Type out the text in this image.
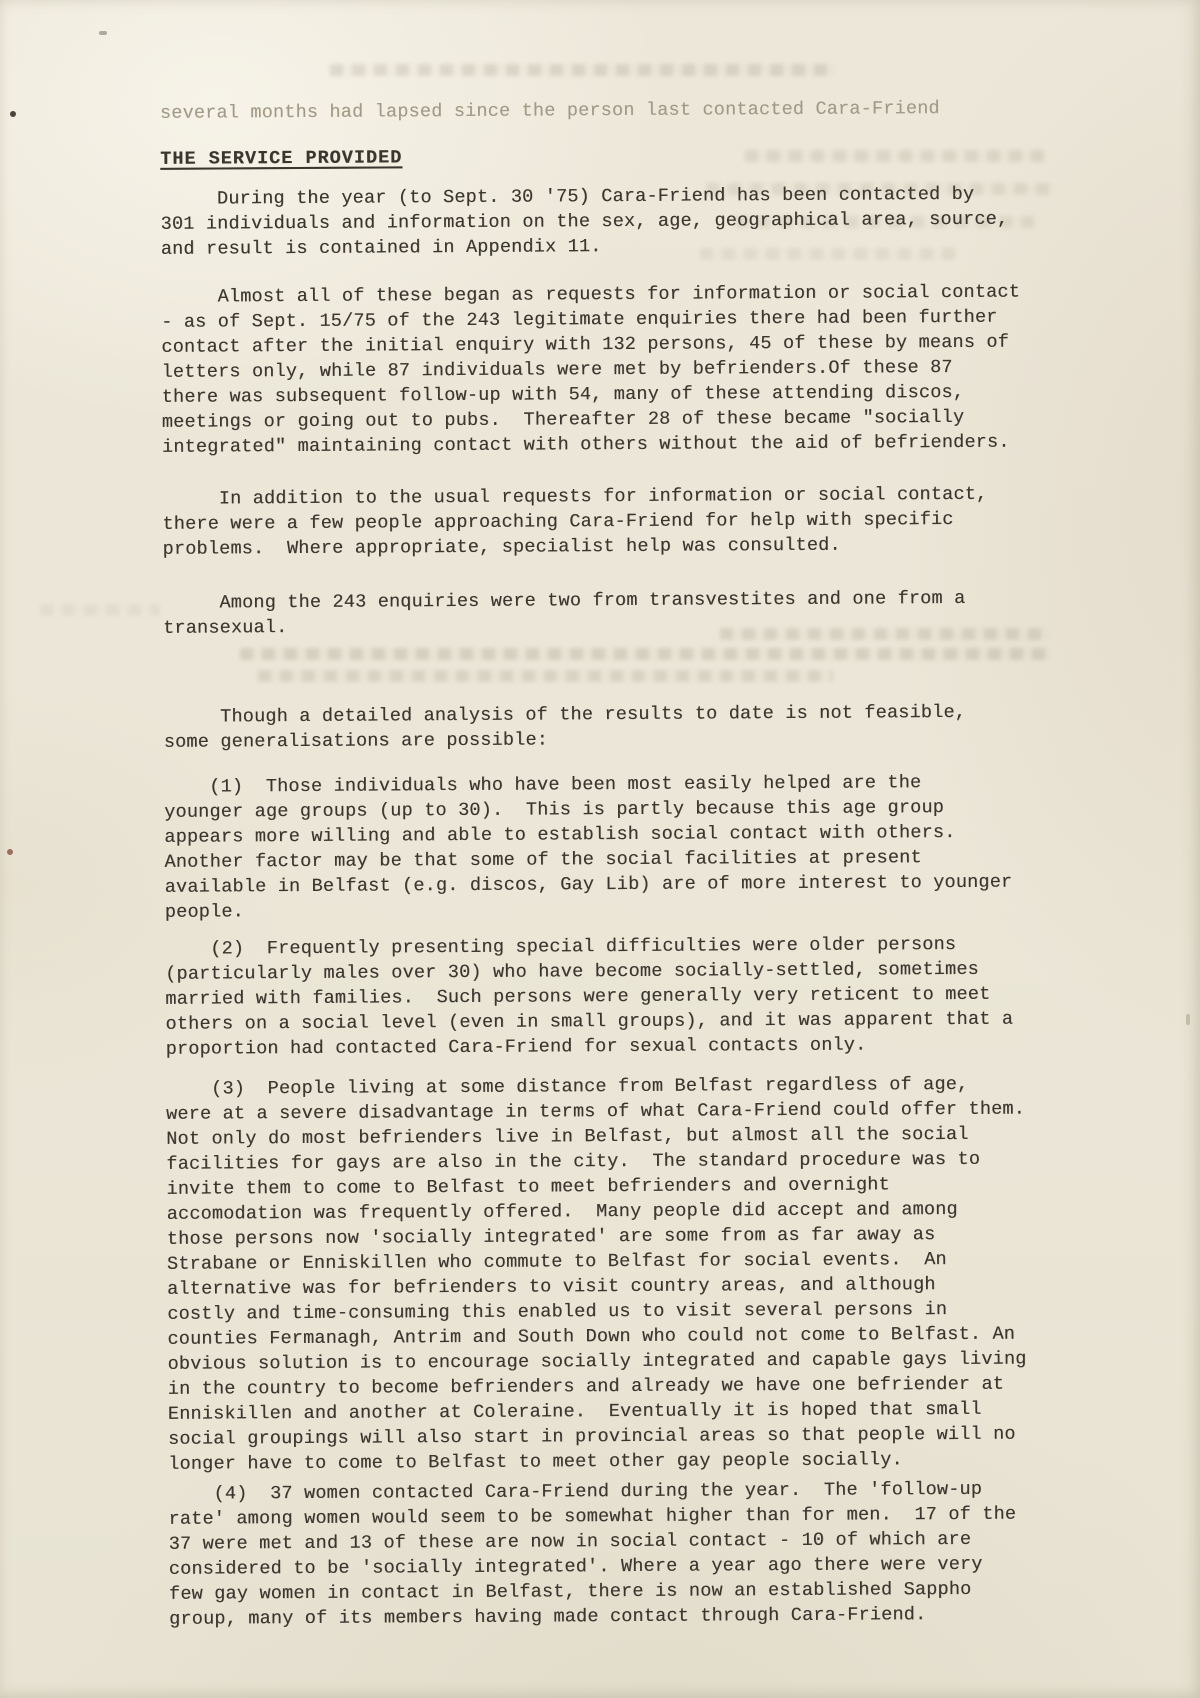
several months had lapsed since the person last contacted Cara-Friend
THE SERVICE PROVIDED
During the year (to Sept. 30 '75) Cara-Friend has been contacted by
301 individuals and information on the sex, age, geographical area, source,
and result is contained in Appendix 11.
Almost all of these began as requests for information or social contact
- as of Sept. 15/75 of the 243 legitimate enquiries there had been further
contact after the initial enquiry with 132 persons, 45 of these by means of
letters only, while 87 individuals were met by befrienders.Of these 87
there was subsequent follow-up with 54, many of these attending discos,
meetings or going out to pubs.  Thereafter 28 of these became "socially
integrated" maintaining contact with others without the aid of befrienders.
In addition to the usual requests for information or social contact,
there were a few people approaching Cara-Friend for help with specific
problems.  Where appropriate, specialist help was consulted.
Among the 243 enquiries were two from transvestites and one from a
transexual.
Though a detailed analysis of the results to date is not feasible,
some generalisations are possible:
(1)  Those individuals who have been most easily helped are the
younger age groups (up to 30).  This is partly because this age group
appears more willing and able to establish social contact with others.
Another factor may be that some of the social facilities at present
available in Belfast (e.g. discos, Gay Lib) are of more interest to younger
people.
(2)  Frequently presenting special difficulties were older persons
(particularly males over 30) who have become socially-settled, sometimes
married with families.  Such persons were generally very reticent to meet
others on a social level (even in small groups), and it was apparent that a
proportion had contacted Cara-Friend for sexual contacts only.
(3)  People living at some distance from Belfast regardless of age,
were at a severe disadvantage in terms of what Cara-Friend could offer them.
Not only do most befrienders live in Belfast, but almost all the social
facilities for gays are also in the city.  The standard procedure was to
invite them to come to Belfast to meet befrienders and overnight
accomodation was frequently offered.  Many people did accept and among
those persons now 'socially integrated' are some from as far away as
Strabane or Enniskillen who commute to Belfast for social events.  An
alternative was for befrienders to visit country areas, and although
costly and time-consuming this enabled us to visit several persons in
counties Fermanagh, Antrim and South Down who could not come to Belfast. An
obvious solution is to encourage socially integrated and capable gays living
in the country to become befrienders and already we have one befriender at
Enniskillen and another at Coleraine.  Eventually it is hoped that small
social groupings will also start in provincial areas so that people will no
longer have to come to Belfast to meet other gay people socially.
(4)  37 women contacted Cara-Friend during the year.  The 'follow-up
rate' among women would seem to be somewhat higher than for men.  17 of the
37 were met and 13 of these are now in social contact - 10 of which are
considered to be 'socially integrated'. Where a year ago there were very
few gay women in contact in Belfast, there is now an established Sappho
group, many of its members having made contact through Cara-Friend.
